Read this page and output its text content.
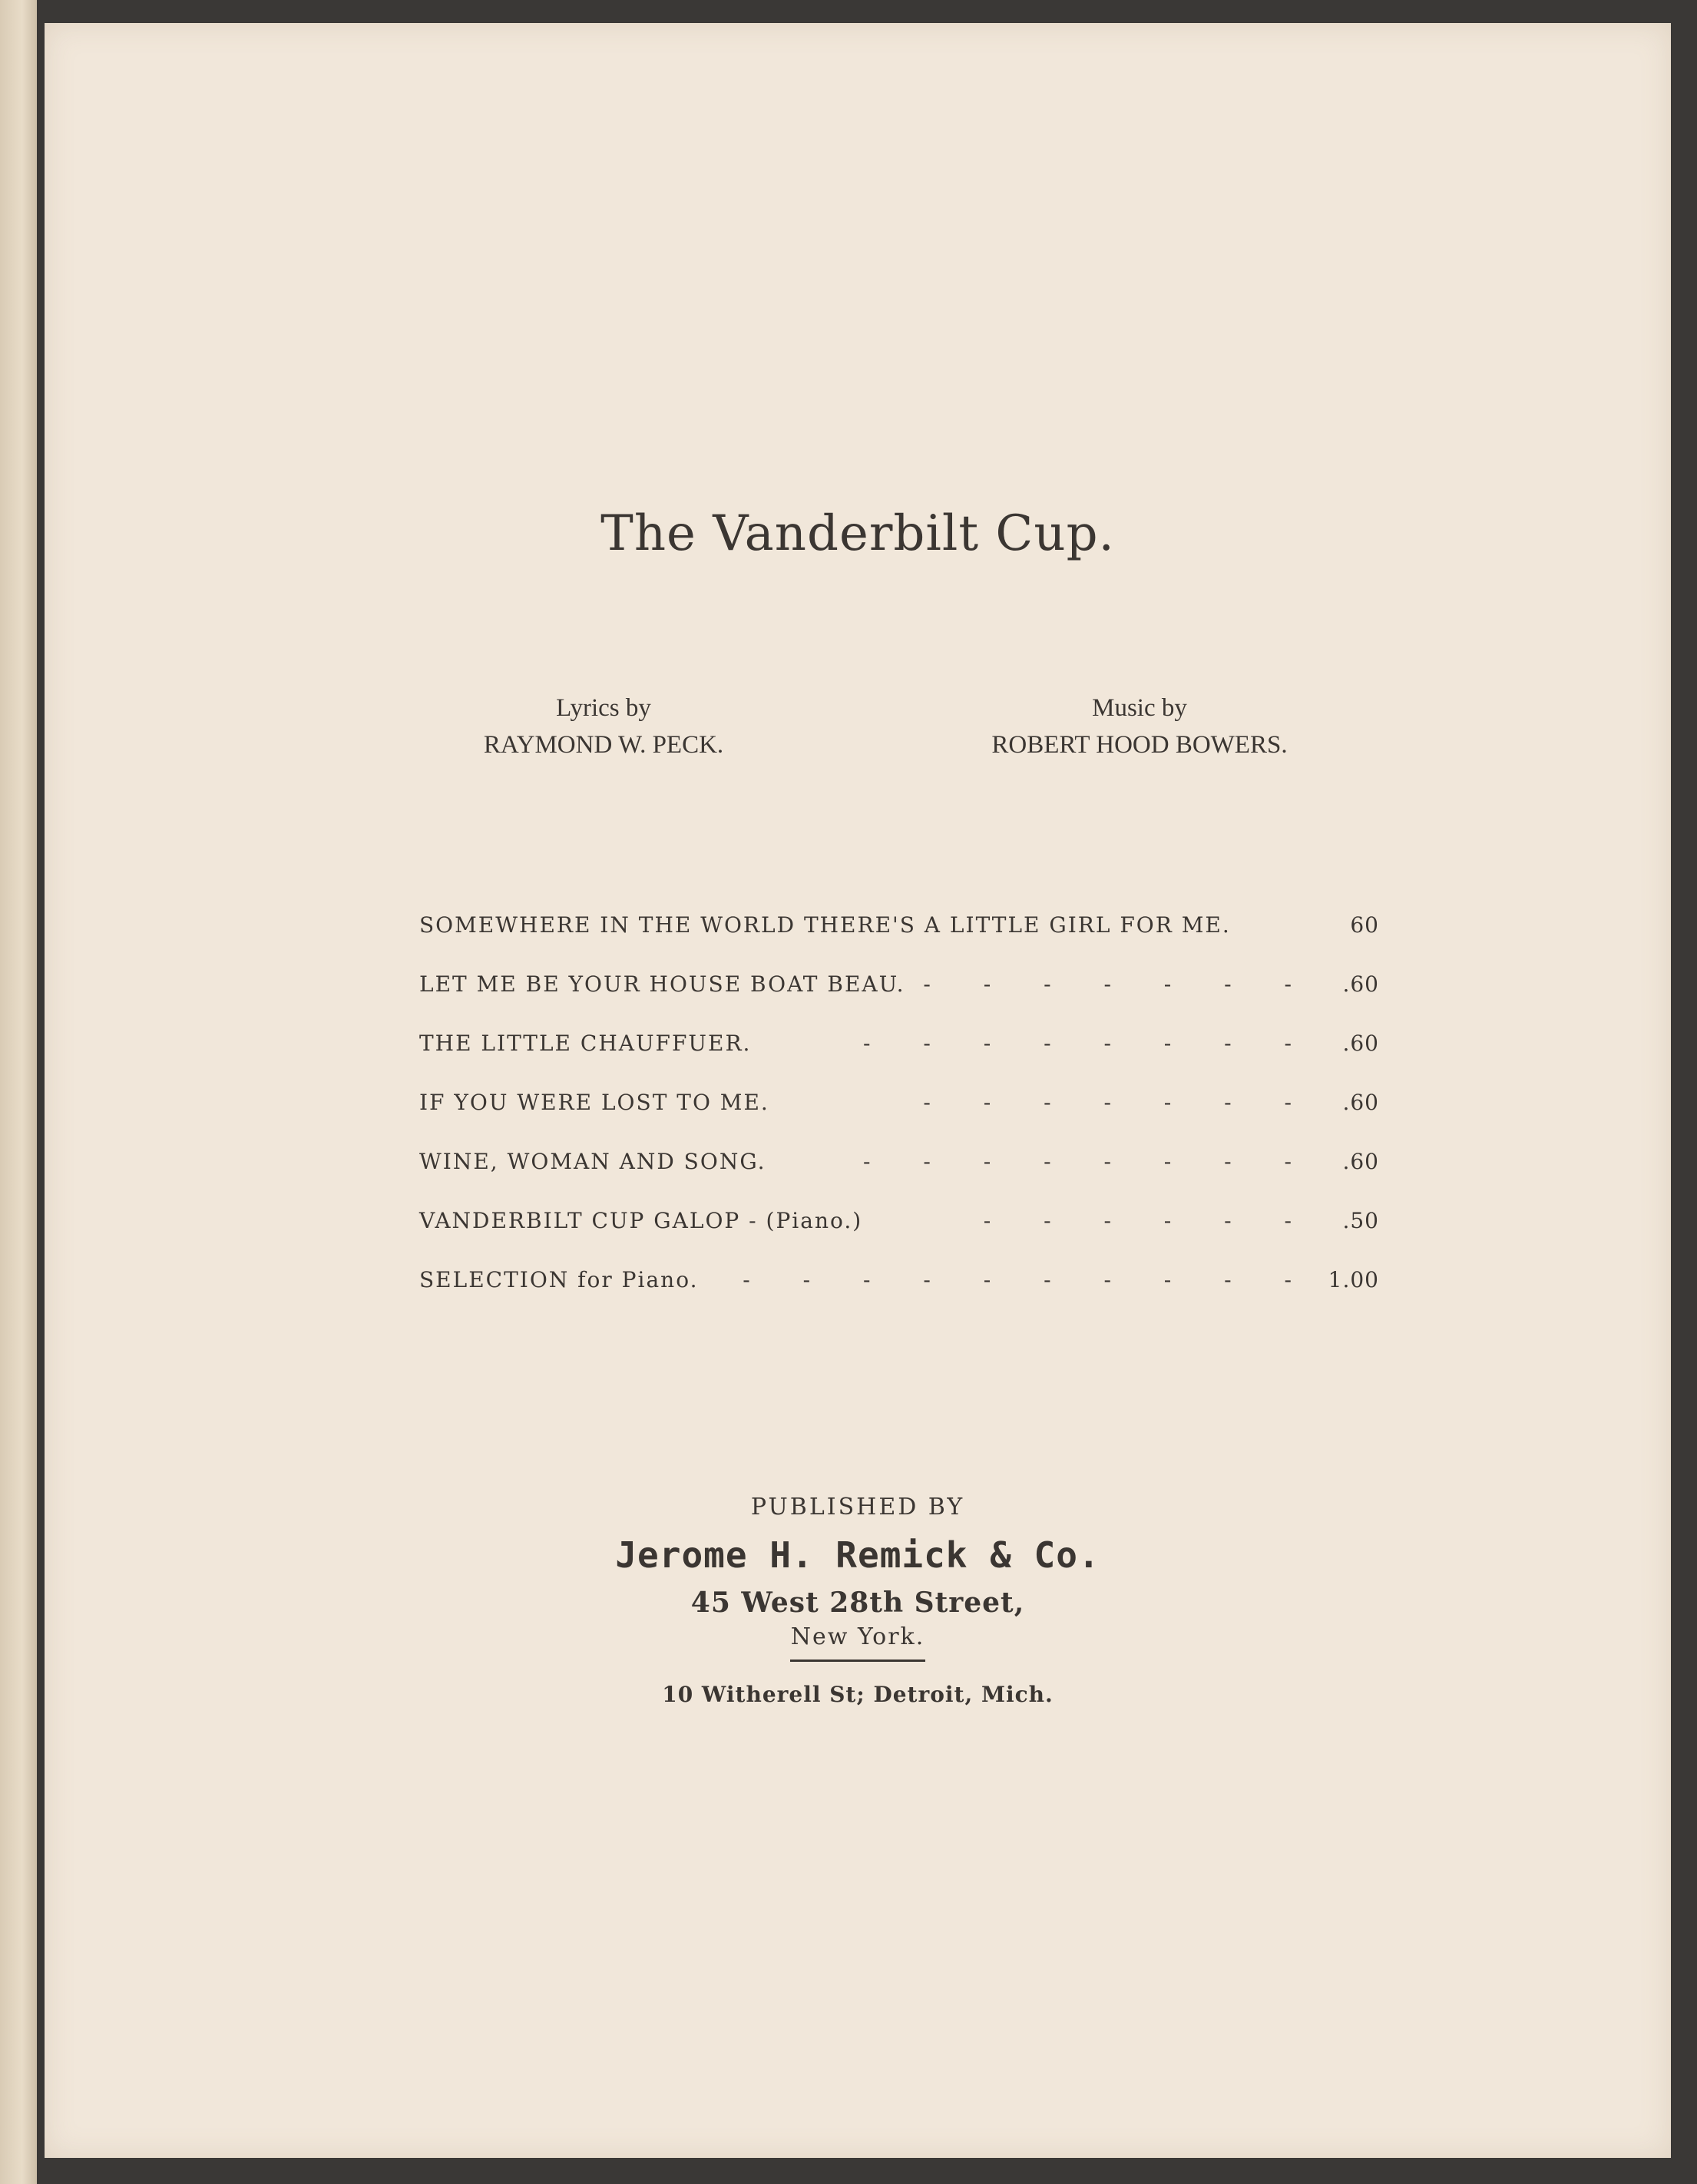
The Vanderbilt Cup.
Lyrics by
RAYMOND W. PECK.
Music by
ROBERT HOOD BOWERS.
SOMEWHERE IN THE WORLD THERE'S A LITTLE GIRL FOR ME.	60
LET ME BE YOUR HOUSE BOAT BEAU. - - - - - - -	.60
THE LITTLE CHAUFFUER.	- - - - - - - -	.60
IF YOU WERE LOST TO ME.	- - - - - - -	.60
WINE, WOMAN AND SONG.	- - - - - - - -	.60
VANDERBILT CUP GALOP - (Piano.)	- - - - - -	.50
SELECTION for Piano.	- - - - - - - - - - 1.00
PUBLISHED BY
Jerome H. Remick & Co.
45 West 28th Street,
New York.
10 Witherell St; Detroit, Mich.
